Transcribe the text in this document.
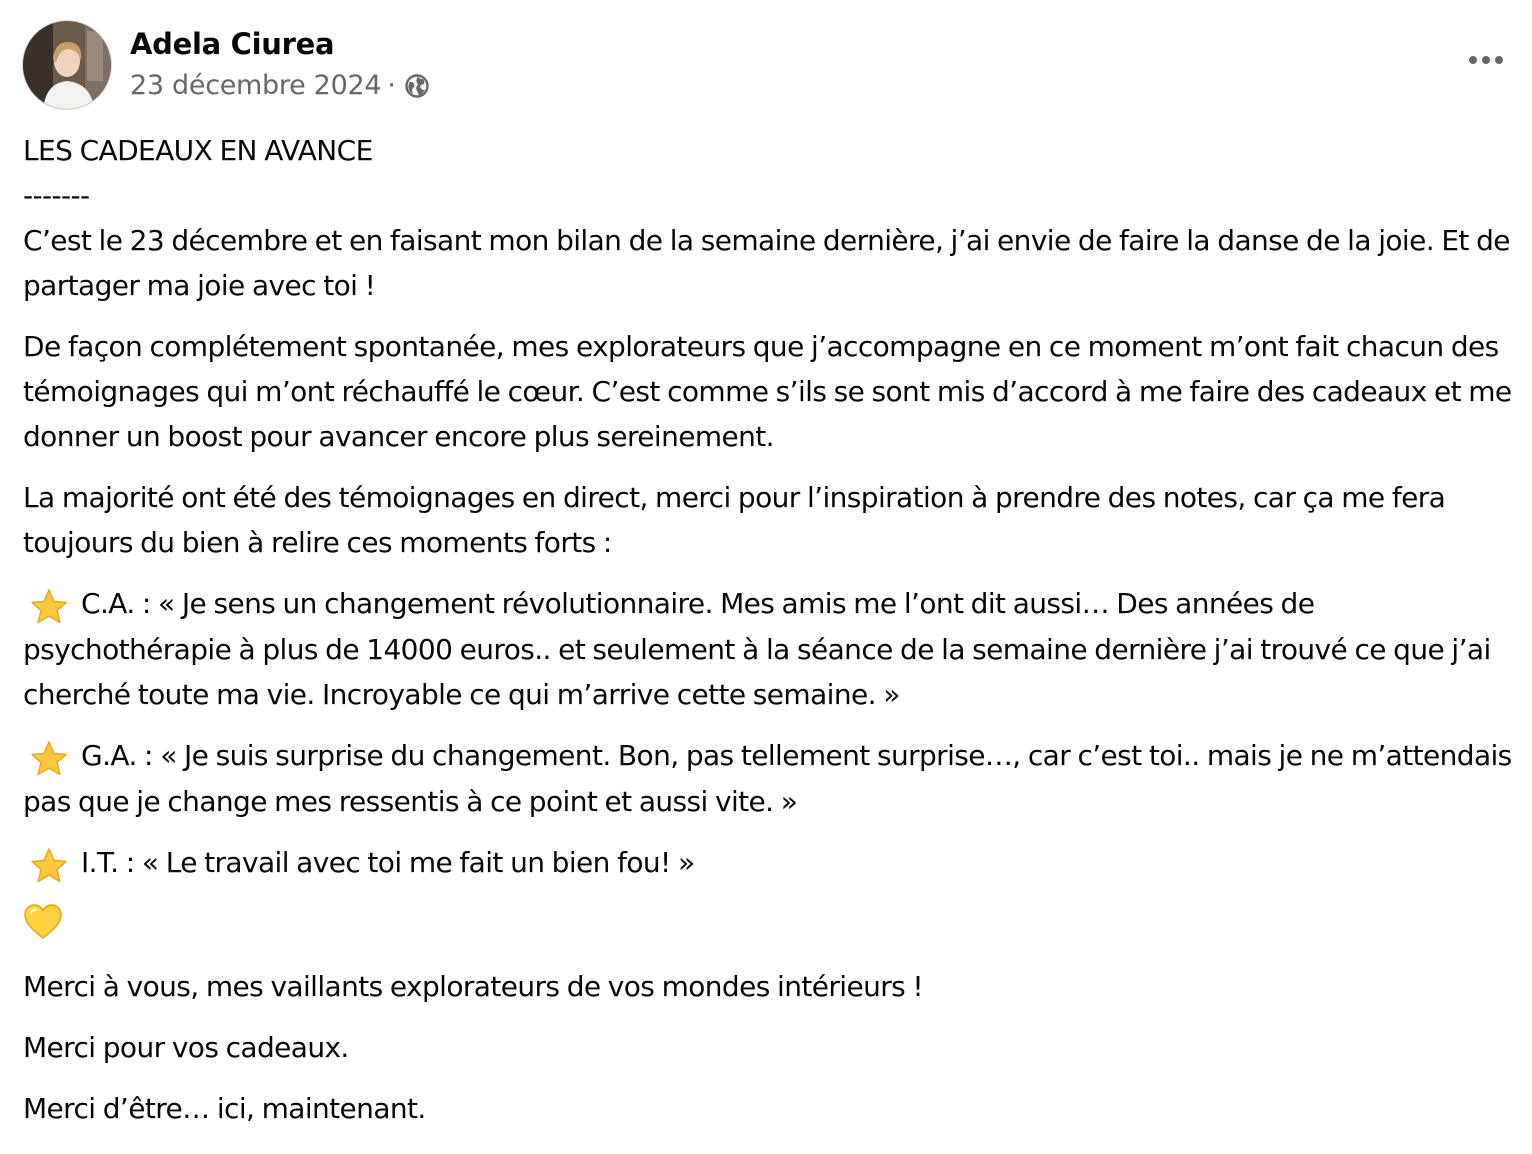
Adela Ciurea
23 décembre 2024 ·

LES CADEAUX EN AVANCE

-------

C’est le 23 décembre et en faisant mon bilan de la semaine dernière, j’ai envie de faire la danse de la joie. Et de partager ma joie avec toi !

De façon complétement spontanée, mes explorateurs que j’accompagne en ce moment m’ont fait chacun des témoignages qui m’ont réchauffé le cœur. C’est comme s’ils se sont mis d’accord à me faire des cadeaux et me donner un boost pour avancer encore plus sereinement.

La majorité ont été des témoignages en direct, merci pour l’inspiration à prendre des notes, car ça me fera toujours du bien à relire ces moments forts :

C.A. : « Je sens un changement révolutionnaire. Mes amis me l’ont dit aussi… Des années de psychothérapie à plus de 14000 euros.. et seulement à la séance de la semaine dernière j’ai trouvé ce que j’ai cherché toute ma vie. Incroyable ce qui m’arrive cette semaine. »

G.A. : « Je suis surprise du changement. Bon, pas tellement surprise…, car c’est toi.. mais je ne m’attendais pas que je change mes ressentis à ce point et aussi vite. »

I.T. : « Le travail avec toi me fait un bien fou! »

Merci à vous, mes vaillants explorateurs de vos mondes intérieurs !

Merci pour vos cadeaux.

Merci d’être… ici, maintenant.
